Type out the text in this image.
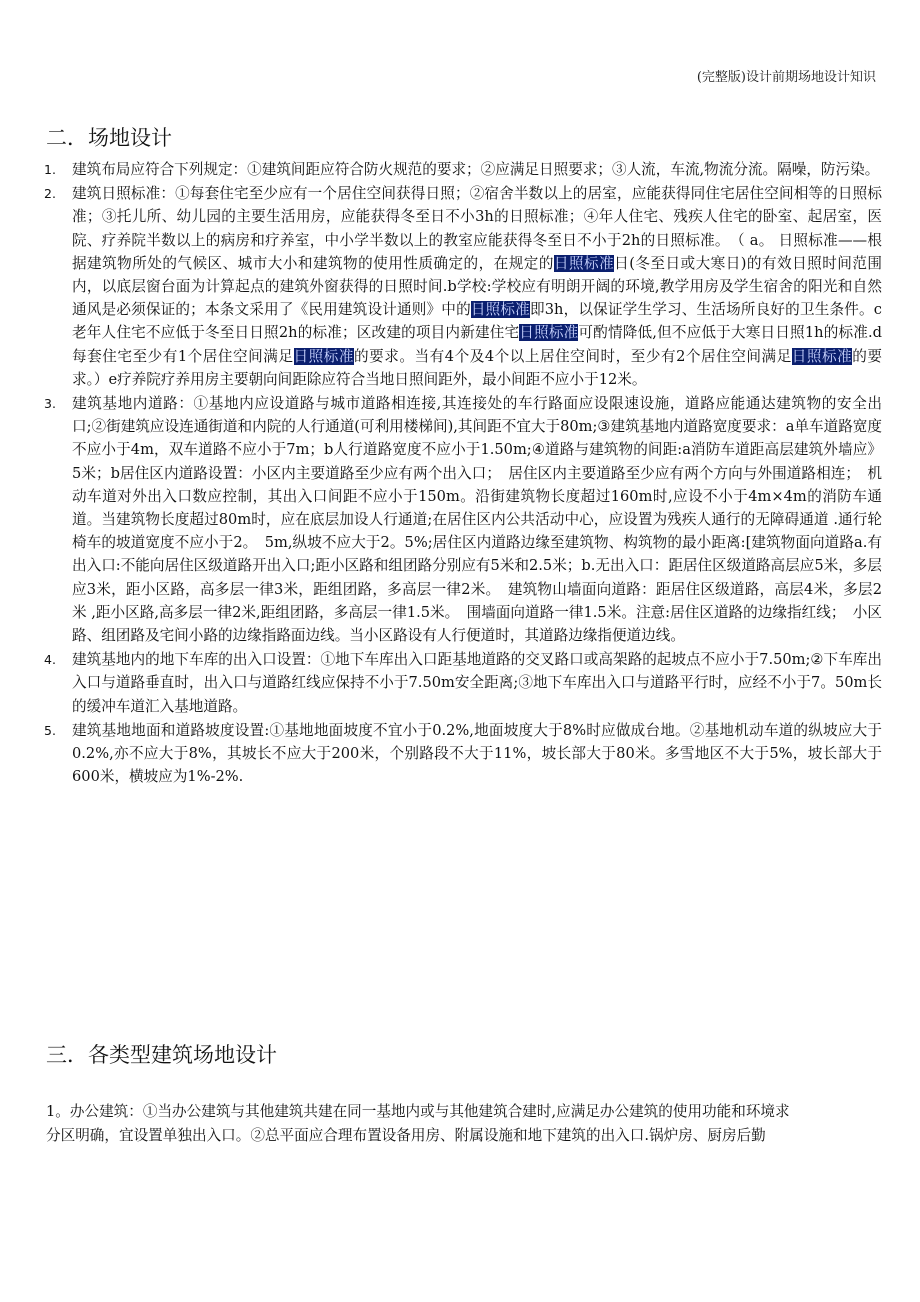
(完整版)设计前期场地设计知识
二．场地设计
1. 建筑布局应符合下列规定：①建筑间距应符合防火规范的要求；②应满足日照要求；③人流，车流,物流分流。隔噪，防污染。
2. 建筑日照标准：①每套住宅至少应有一个居住空间获得日照；②宿舍半数以上的居室，应能获得同住宅居住空间相等的日照标准；③托儿所、幼儿园的主要生活用房，应能获得冬至日不小3h的日照标准；④年人住宅、残疾人住宅的卧室、起居室，医院、疗养院半数以上的病房和疗养室，中小学半数以上的教室应能获得冬至日不小于2h的日照标准。　（ a。 日照标准——根据建筑物所处的气候区、城市大小和建筑物的使用性质确定的，在规定的日照标准日(冬至日或大寒日)的有效日照时间范围内，以底层窗台面为计算起点的建筑外窗获得的日照时间.b学校:学校应有明朗开阔的环境,教学用房及学生宿舍的阳光和自然通风是必须保证的；本条文采用了《民用建筑设计通则》中的日照标准即3h，以保证学生学习、生活场所良好的卫生条件。c老年人住宅不应低于冬至日日照2h的标准；区改建的项目内新建住宅日照标准可酌情降低,但不应低于大寒日日照1h的标准.d每套住宅至少有1个居住空间满足日照标准的要求。当有4个及4个以上居住空间时，至少有2个居住空间满足日照标准的要求。）e疗养院疗养用房主要朝向间距除应符合当地日照间距外，最小间距不应小于12米。
3. 建筑基地内道路：①基地内应设道路与城市道路相连接,其连接处的车行路面应设限速设施，道路应能通达建筑物的安全出口;②街建筑应设连通街道和内院的人行通道(可利用楼梯间),其间距不宜大于80m;③建筑基地内道路宽度要求：a单车道路宽度不应小于4m，双车道路不应小于7m；b人行道路宽度不应小于1.50m;④道路与建筑物的间距:a消防车道距高层建筑外墙应》5米；b居住区内道路设置：小区内主要道路至少应有两个出入口；　居住区内主要道路至少应有两个方向与外围道路相连；　机动车道对外出入口数应控制，其出入口间距不应小于150m。沿街建筑物长度超过160m时,应设不小于4m×4m的消防车通道。当建筑物长度超过80m时，应在底层加设人行通道;在居住区内公共活动中心，应设置为残疾人通行的无障碍通道 .通行轮椅车的坡道宽度不应小于2。　5m,纵坡不应大于2。5%;居住区内道路边缘至建筑物、构筑物的最小距离:[建筑物面向道路a.有出入口:不能向居住区级道路开出入口;距小区路和组团路分别应有5米和2.5米；b.无出入口：距居住区级道路高层应5米，多层应3米，距小区路，高多层一律3米，距组团路，多高层一律2米。　建筑物山墙面向道路：距居住区级道路，高层4米，多层2米 ,距小区路,高多层一律2米,距组团路，多高层一律1.5米。　围墙面向道路一律1.5米。注意:居住区道路的边缘指红线；　小区路、组团路及宅间小路的边缘指路面边线。当小区路设有人行便道时，其道路边缘指便道边线。
4. 建筑基地内的地下车库的出入口设置：①地下车库出入口距基地道路的交叉路口或高架路的起坡点不应小于7.50m;②下车库出入口与道路垂直时，出入口与道路红线应保持不小于7.50m安全距离;③地下车库出入口与道路平行时，应经不小于7。50m长的缓冲车道汇入基地道路。
5. 建筑基地地面和道路坡度设置:①基地地面坡度不宜小于0.2%,地面坡度大于8%时应做成台地。②基地机动车道的纵坡应大于0.2%,亦不应大于8%，其坡长不应大于200米，个别路段不大于11%，坡长部大于80米。多雪地区不大于5%，坡长部大于600米，横坡应为1%-2%.
三．各类型建筑场地设计

1。办公建筑：①当办公建筑与其他建筑共建在同一基地内或与其他建筑合建时,应满足办公建筑的使用功能和环境求

分区明确，宜设置单独出入口。②总平面应合理布置设备用房、附属设施和地下建筑的出入口.锅炉房、厨房后勤
